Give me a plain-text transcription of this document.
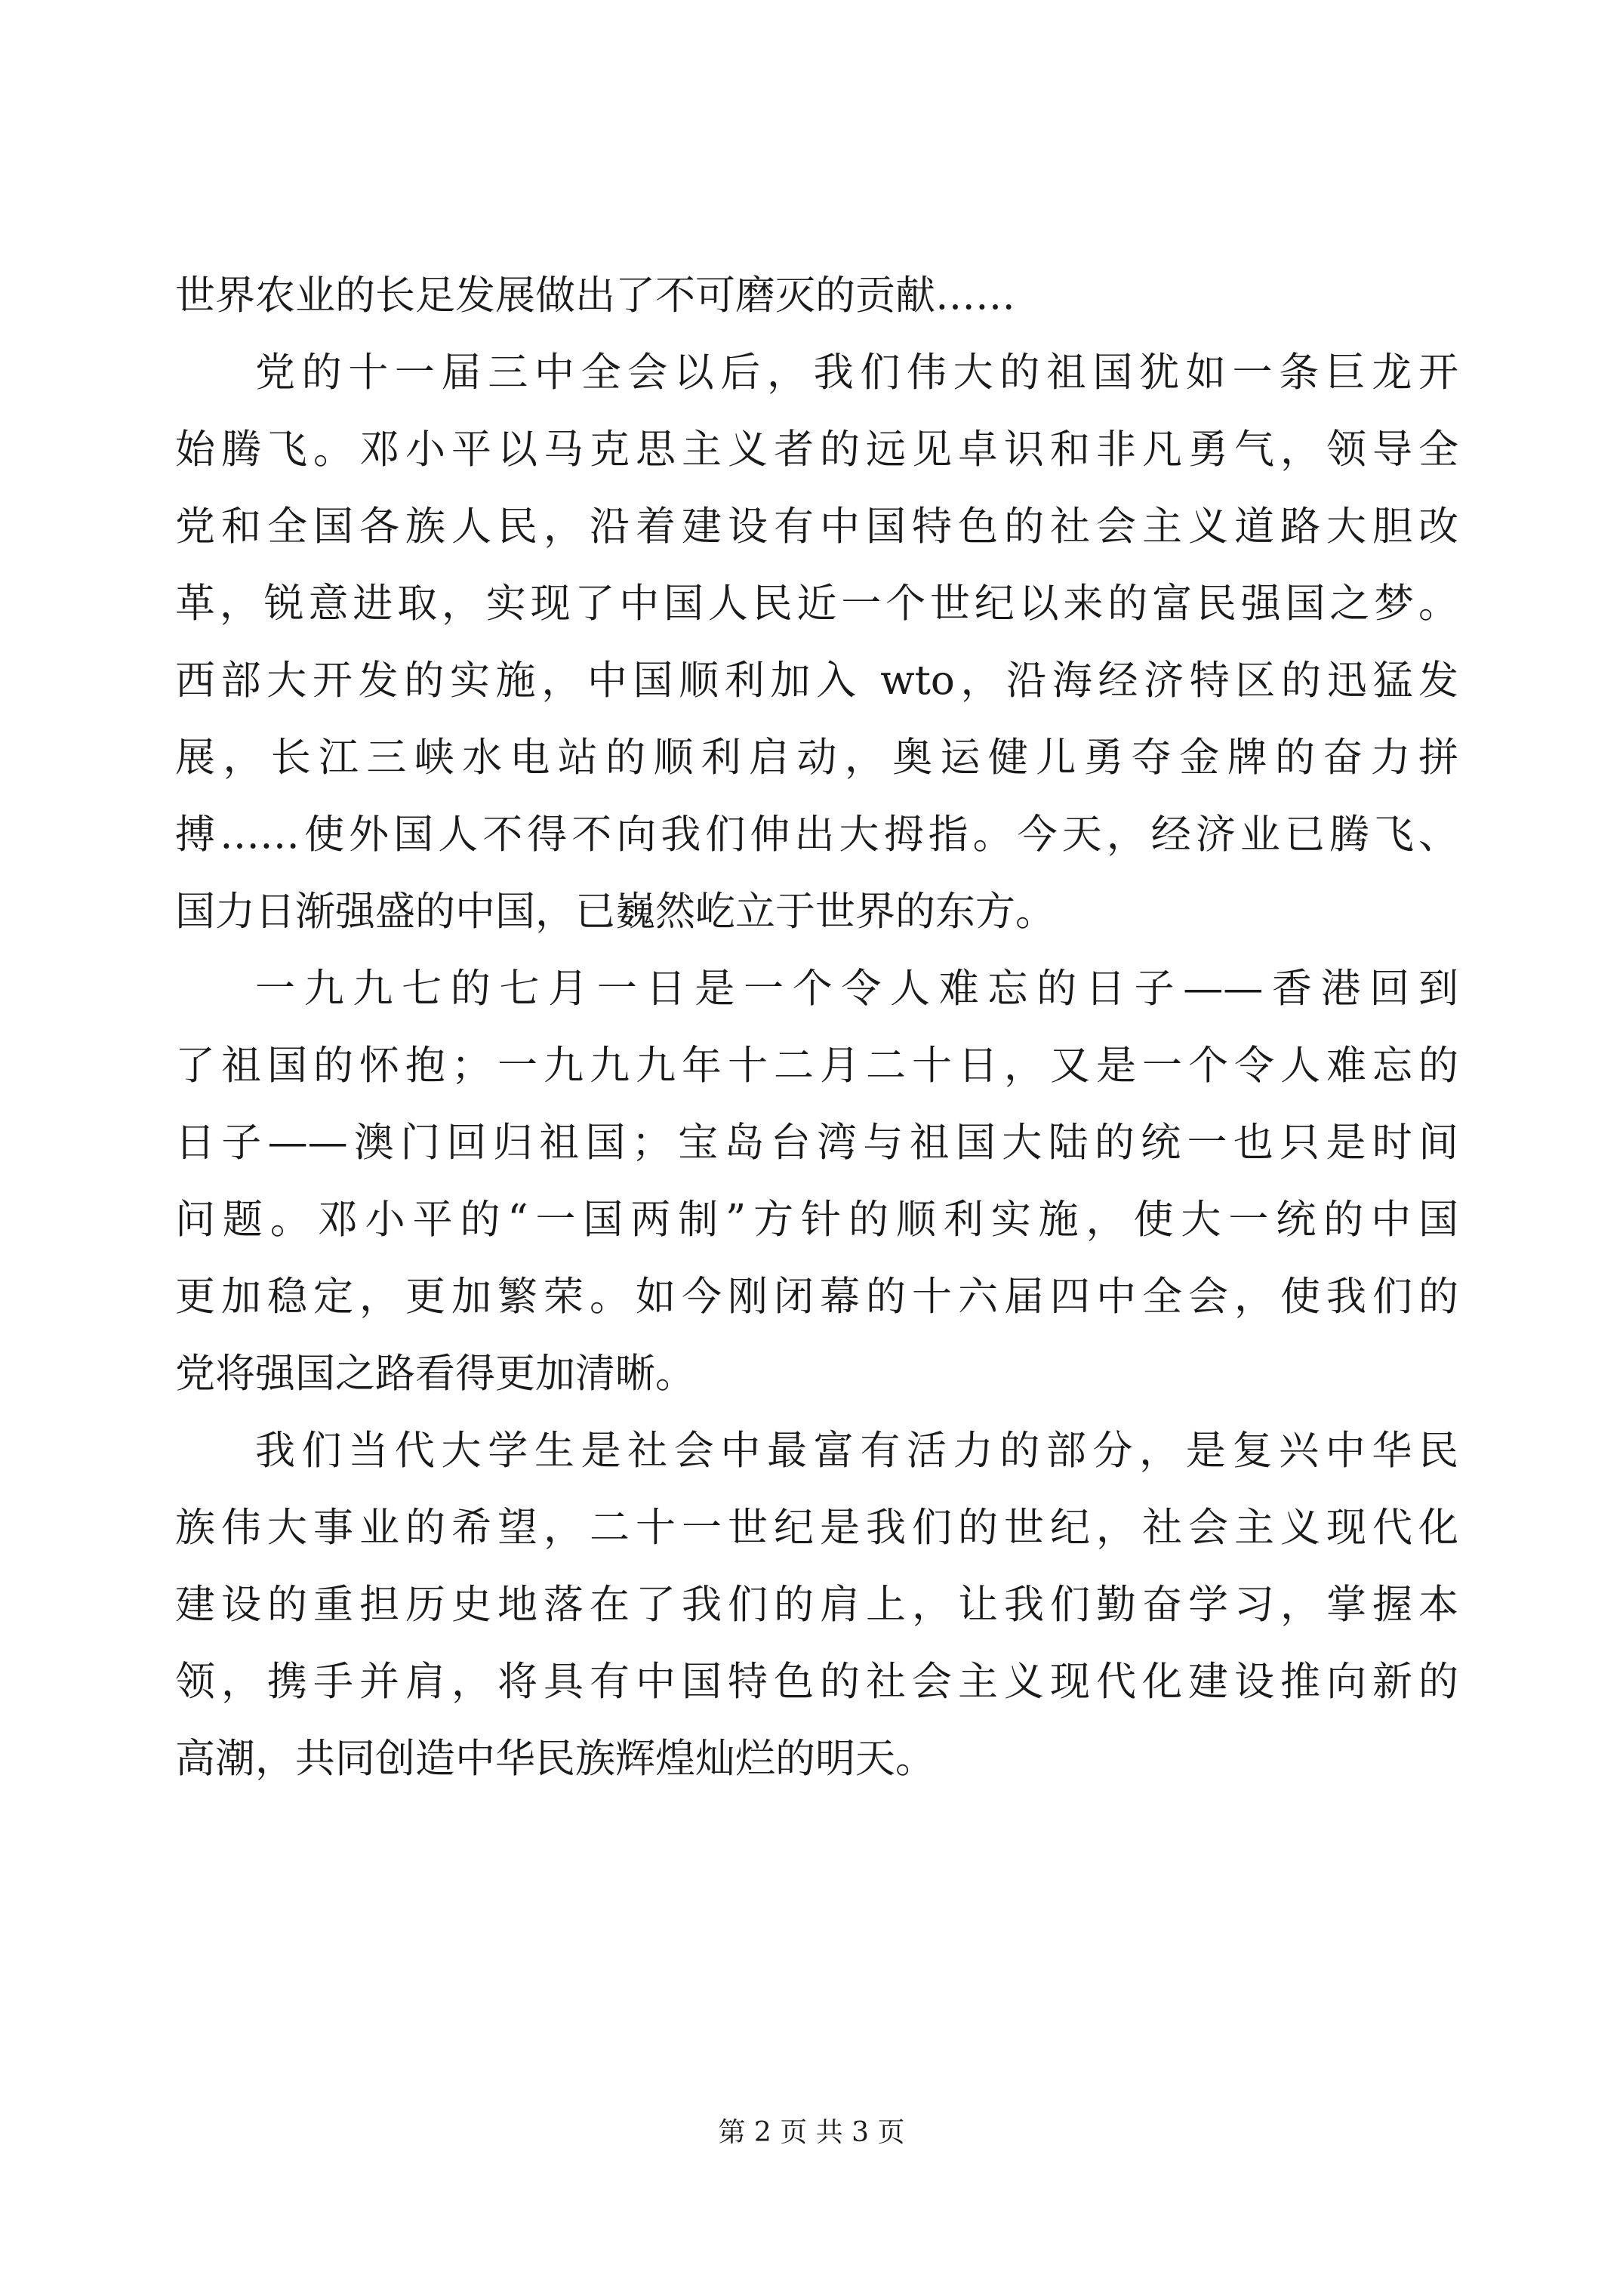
世界农业的长足发展做出了不可磨灭的贡献……
党的十一届三中全会以后，我们伟大的祖国犹如一条巨龙开
始腾飞。邓小平以马克思主义者的远见卓识和非凡勇气，领导全
党和全国各族人民，沿着建设有中国特色的社会主义道路大胆改
革，锐意进取，实现了中国人民近一个世纪以来的富民强国之梦。
西部大开发的实施，中国顺利加入 wto，沿海经济特区的迅猛发
展，长江三峡水电站的顺利启动，奥运健儿勇夺金牌的奋力拼
搏……使外国人不得不向我们伸出大拇指。今天，经济业已腾飞、
国力日渐强盛的中国，已巍然屹立于世界的东方。
一九九七的七月一日是一个令人难忘的日子——香港回到
了祖国的怀抱；一九九九年十二月二十日，又是一个令人难忘的
日子——澳门回归祖国；宝岛台湾与祖国大陆的统一也只是时间
问题。邓小平的“一国两制”方针的顺利实施，使大一统的中国
更加稳定，更加繁荣。如今刚闭幕的十六届四中全会，使我们的
党将强国之路看得更加清晰。
我们当代大学生是社会中最富有活力的部分，是复兴中华民
族伟大事业的希望，二十一世纪是我们的世纪，社会主义现代化
建设的重担历史地落在了我们的肩上，让我们勤奋学习，掌握本
领，携手并肩，将具有中国特色的社会主义现代化建设推向新的
高潮，共同创造中华民族辉煌灿烂的明天。
第 2 页 共 3 页
